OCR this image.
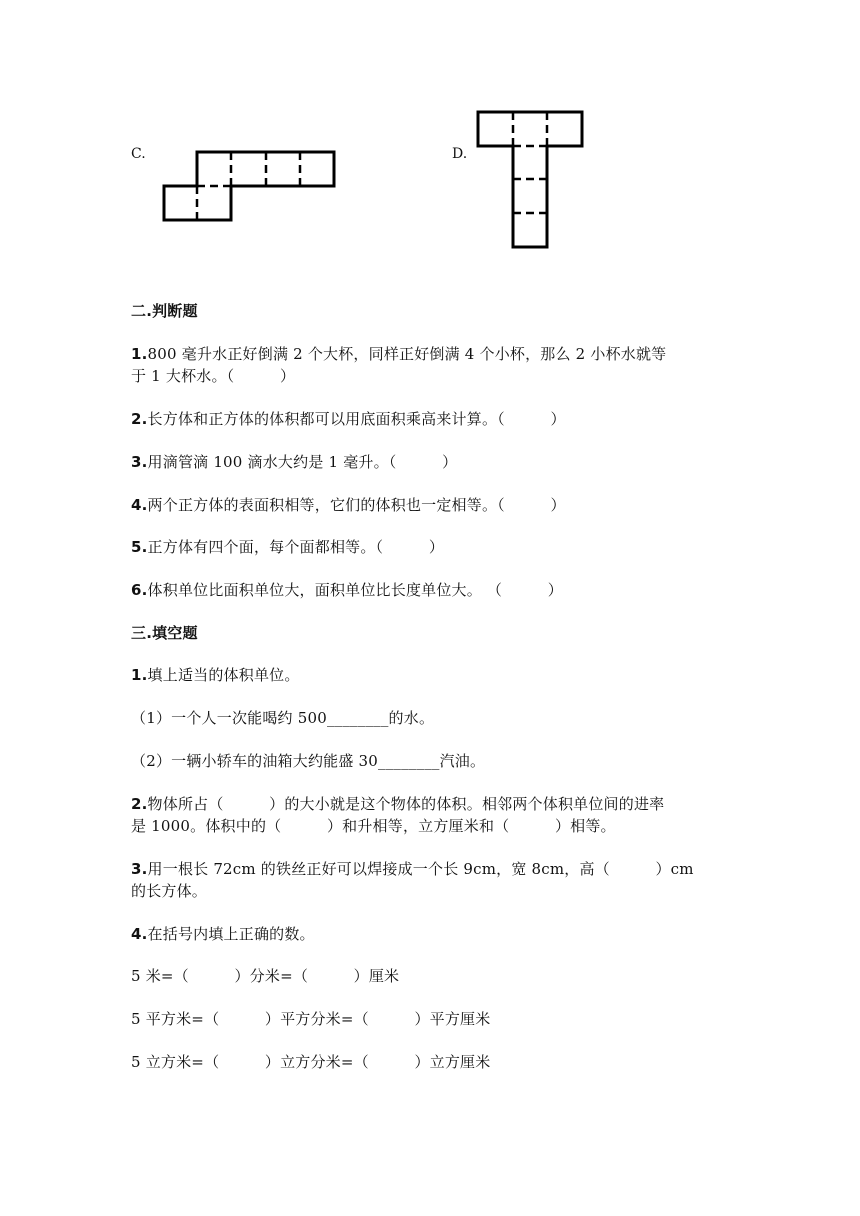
C.	D.
二.判断题
1.800 毫升水正好倒满 2 个大杯，同样正好倒满 4 个小杯，那么 2 小杯水就等
于 1 大杯水。（　　　）
2.长方体和正方体的体积都可以用底面积乘高来计算。（　　　）
3.用滴管滴 100 滴水大约是 1 毫升。（　　　）
4.两个正方体的表面积相等，它们的体积也一定相等。（　　　）
5.正方体有四个面，每个面都相等。（　　　）
6.体积单位比面积单位大，面积单位比长度单位大。 （　　　）
三.填空题
1.填上适当的体积单位。
（1）一个人一次能喝约 500________的水。
（2）一辆小轿车的油箱大约能盛 30________汽油。
2.物体所占（　　　）的大小就是这个物体的体积。相邻两个体积单位间的进率
是 1000。体积中的（　　　）和升相等，立方厘米和（　　　）相等。
3.用一根长 72cm 的铁丝正好可以焊接成一个长 9cm，宽 8cm，高（　　　）cm
的长方体。
4.在括号内填上正确的数。
5 米=（　　　）分米=（　　　）厘米
5 平方米=（　　　）平方分米=（　　　）平方厘米
5 立方米=（　　　）立方分米=（　　　）立方厘米
